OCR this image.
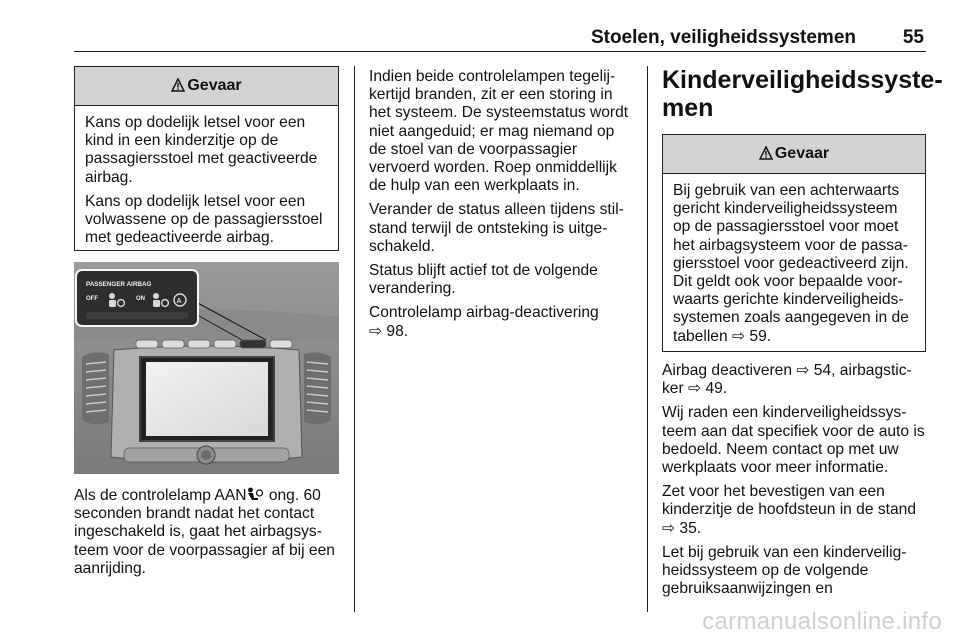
Stoelen, veiligheidssystemen 55
Gevaar

Kans op dodelijk letsel voor een kind in een kinderzitje op de passagiersstoel met geactiveerde airbag.

Kans op dodelijk letsel voor een volwassene op de passagiersstoel met gedeactiveerde airbag.

PASSENGER AIRBAG
OFF	ON	A

Als de controlelamp AAN ong. 60 seconden brandt nadat het contact ingeschakeld is, gaat het airbagsysteem voor de voorpassagier af bij een aanrijding.

Indien beide controlelampen tegelijkertijd branden, zit er een storing in het systeem. De systeemstatus wordt niet aangeduid; er mag niemand op de stoel van de voorpassagier vervoerd worden. Roep onmiddellijk de hulp van een werkplaats in.

Verander de status alleen tijdens stilstand terwijl de ontsteking is uitgeschakeld.

Status blijft actief tot de volgende verandering.

Controlelamp airbag-deactivering
⇨ 98.

Kinderveiligheidssystemen
Gevaar

Bij gebruik van een achterwaarts gericht kinderveiligheidssysteem op de passagiersstoel voor moet het airbagsysteem voor de passagiersstoel voor gedeactiveerd zijn. Dit geldt ook voor bepaalde voorwaarts gerichte kinderveiligheidssystemen zoals aangegeven in de tabellen ⇨ 59.

Airbag deactiveren ⇨ 54, airbagsticker ⇨ 49.

Wij raden een kinderveiligheidssysteem aan dat specifiek voor de auto is bedoeld. Neem contact op met uw werkplaats voor meer informatie.

Zet voor het bevestigen van een kinderzitje de hoofdsteun in de stand
⇨ 35.

Let bij gebruik van een kinderveiligheidssysteem op de volgende gebruiksaanwijzingen en

carmanualsonline.info
